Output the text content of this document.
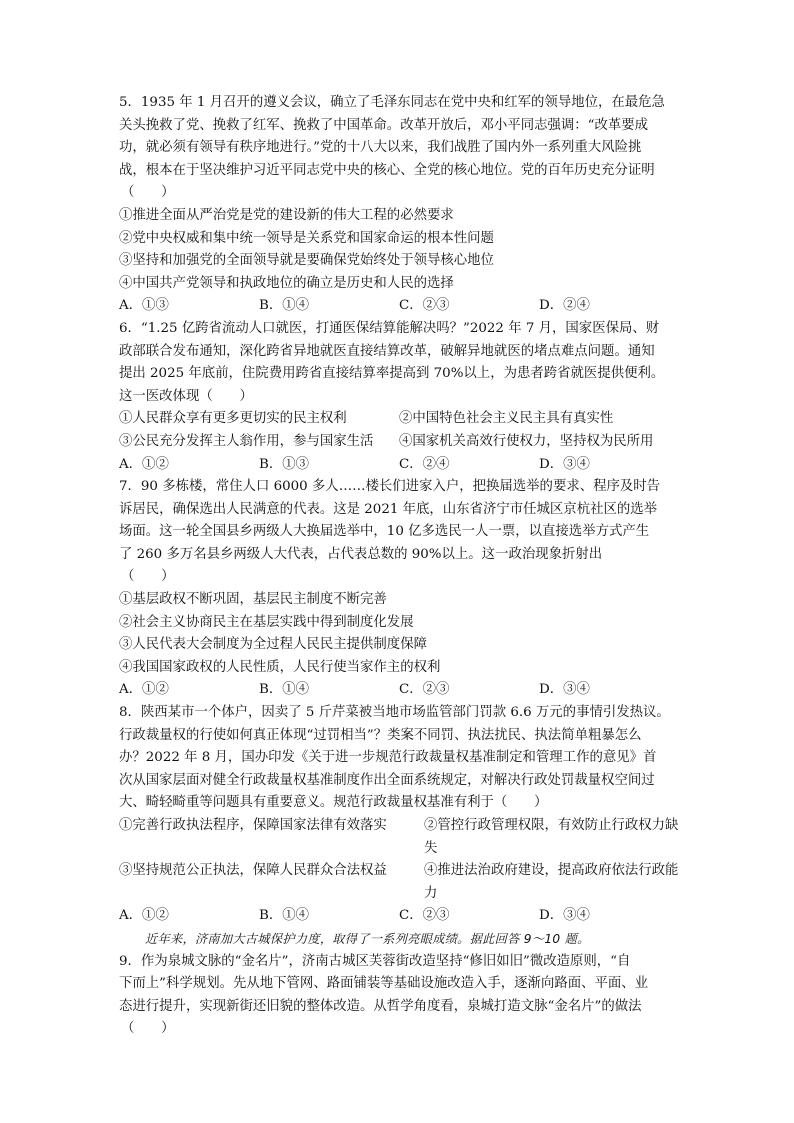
5．1935 年 1 月召开的遵义会议，确立了毛泽东同志在党中央和红军的领导地位，在最危急
关头挽救了党、挽救了红军、挽救了中国革命。改革开放后，邓小平同志强调：“改革要成
功，就必须有领导有秩序地进行。”党的十八大以来，我们战胜了国内外一系列重大风险挑
战，根本在于坚决维护习近平同志党中央的核心、全党的核心地位。党的百年历史充分证明
（　　）

①推进全面从严治党是党的建设新的伟大工程的必然要求
②党中央权威和集中统一领导是关系党和国家命运的根本性问题
③坚持和加强党的全面领导就是要确保党始终处于领导核心地位
④中国共产党领导和执政地位的确立是历史和人民的选择
A．①③	B．①④	C．②③	D．②④

6．“1.25 亿跨省流动人口就医，打通医保结算能解决吗？”2022 年 7 月，国家医保局、财
政部联合发布通知，深化跨省异地就医直接结算改革，破解异地就医的堵点难点问题。通知
提出 2025 年底前，住院费用跨省直接结算率提高到 70%以上，为患者跨省就医提供便利。
这一医改体现（　　）

①人民群众享有更多更切实的民主权利	②中国特色社会主义民主具有真实性
③公民充分发挥主人翁作用，参与国家生活	④国家机关高效行使权力，坚持权为民所用
A．①②	B．①③	C．②④	D．③④

7．90 多栋楼，常住人口 6000 多人……楼长们进家入户，把换届选举的要求、程序及时告
诉居民，确保选出人民满意的代表。这是 2021 年底，山东省济宁市任城区京杭社区的选举
场面。这一轮全国县乡两级人大换届选举中，10 亿多选民一人一票，以直接选举方式产生
了 260 多万名县乡两级人大代表，占代表总数的 90%以上。这一政治现象折射出
（　　）

①基层政权不断巩固，基层民主制度不断完善
②社会主义协商民主在基层实践中得到制度化发展
③人民代表大会制度为全过程人民民主提供制度保障
④我国国家政权的人民性质，人民行使当家作主的权利
A．①②	B．①④	C．②③	D．③④

8．陕西某市一个体户，因卖了 5 斤芹菜被当地市场监管部门罚款 6.6 万元的事情引发热议。
行政裁量权的行使如何真正体现“过罚相当”？类案不同罚、执法扰民、执法简单粗暴怎么
办？2022 年 8 月，国办印发《关于进一步规范行政裁量权基准制定和管理工作的意见》首
次从国家层面对健全行政裁量权基准制度作出全面系统规定，对解决行政处罚裁量权空间过
大、畸轻畸重等问题具有重要意义。规范行政裁量权基准有利于（　　）

①完善行政执法程序，保障国家法律有效落实	②管控行政管理权限，有效防止行政权力缺失
③坚持规范公正执法，保障人民群众合法权益	④推进法治政府建设，提高政府依法行政能力
A．①②	B．①④	C．②③	D．③④
近年来，济南加大古城保护力度，取得了一系列亮眼成绩。据此回答 9～10 题。

9．作为泉城文脉的“金名片”，济南古城区芙蓉街改造坚持“修旧如旧”微改造原则，“自
下而上”科学规划。先从地下管网、路面铺装等基础设施改造入手，逐渐向路面、平面、业
态进行提升，实现新街还旧貌的整体改造。从哲学角度看，泉城打造文脉“金名片”的做法
（　　）
